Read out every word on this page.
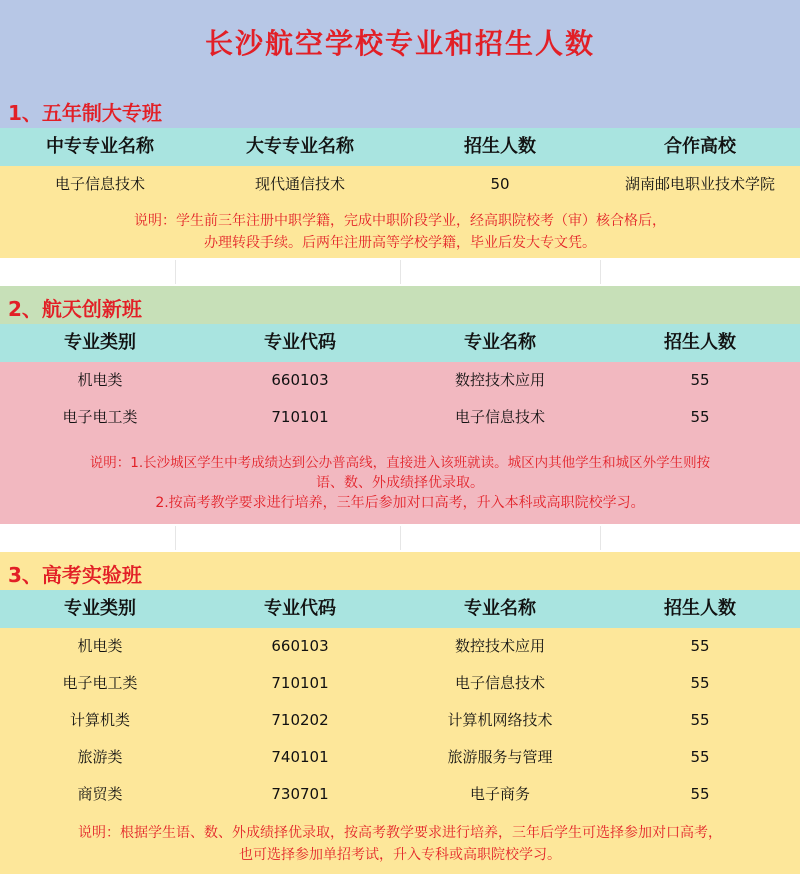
长沙航空学校专业和招生人数
1、五年制大专班
中专专业名称	大专专业名称	招生人数	合作高校
电子信息技术	现代通信技术	50	湖南邮电职业技术学院
说明：学生前三年注册中职学籍，完成中职阶段学业，经高职院校考（审）核合格后，
办理转段手续。后两年注册高等学校学籍，毕业后发大专文凭。
2、航天创新班
专业类别	专业代码	专业名称	招生人数
机电类	660103	数控技术应用	55
电子电工类	710101	电子信息技术	55
说明：1.长沙城区学生中考成绩达到公办普高线，直接进入该班就读。城区内其他学生和城区外学生则按
语、数、外成绩择优录取。
2.按高考教学要求进行培养，三年后参加对口高考，升入本科或高职院校学习。
3、高考实验班
专业类别	专业代码	专业名称	招生人数
机电类	660103	数控技术应用	55
电子电工类	710101	电子信息技术	55
计算机类	710202	计算机网络技术	55
旅游类	740101	旅游服务与管理	55
商贸类	730701	电子商务	55
说明：根据学生语、数、外成绩择优录取，按高考教学要求进行培养，三年后学生可选择参加对口高考，
也可选择参加单招考试，升入专科或高职院校学习。
